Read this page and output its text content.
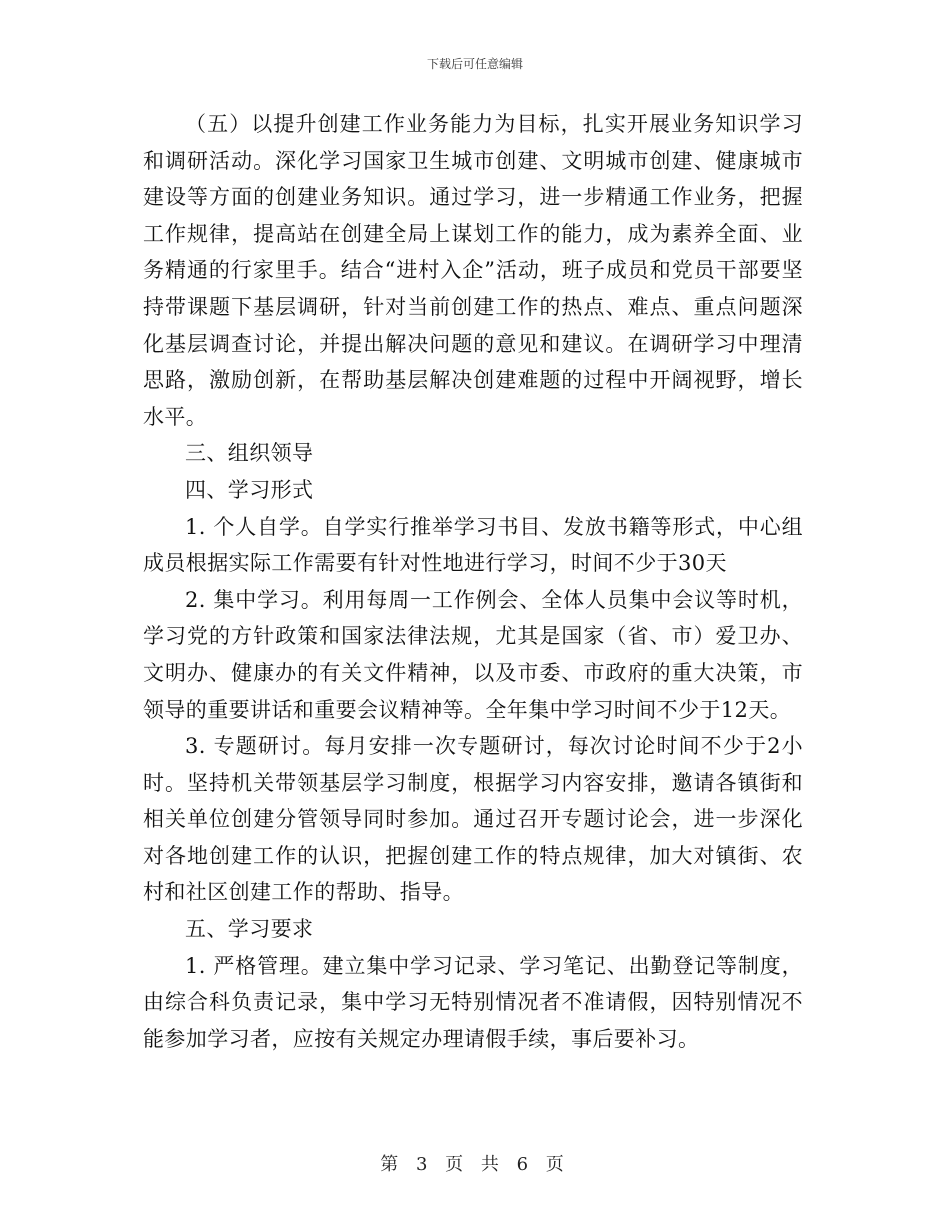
下载后可任意编辑

（五）以提升创建工作业务能力为目标，扎实开展业务知识学习和调研活动。深化学习国家卫生城市创建、文明城市创建、健康城市建设等方面的创建业务知识。通过学习，进一步精通工作业务，把握工作规律，提高站在创建全局上谋划工作的能力，成为素养全面、业务精通的行家里手。结合“进村入企”活动，班子成员和党员干部要坚持带课题下基层调研，针对当前创建工作的热点、难点、重点问题深化基层调查讨论，并提出解决问题的意见和建议。在调研学习中理清思路，激励创新，在帮助基层解决创建难题的过程中开阔视野，增长水平。

三、组织领导

四、学习形式

1. 个人自学。自学实行推举学习书目、发放书籍等形式，中心组成员根据实际工作需要有针对性地进行学习，时间不少于30天

2. 集中学习。利用每周一工作例会、全体人员集中会议等时机，学习党的方针政策和国家法律法规，尤其是国家（省、市）爱卫办、文明办、健康办的有关文件精神，以及市委、市政府的重大决策，市领导的重要讲话和重要会议精神等。全年集中学习时间不少于12天。

3. 专题研讨。每月安排一次专题研讨，每次讨论时间不少于2小时。坚持机关带领基层学习制度，根据学习内容安排，邀请各镇街和相关单位创建分管领导同时参加。通过召开专题讨论会，进一步深化对各地创建工作的认识，把握创建工作的特点规律，加大对镇街、农村和社区创建工作的帮助、指导。

五、学习要求

1. 严格管理。建立集中学习记录、学习笔记、出勤登记等制度，由综合科负责记录，集中学习无特别情况者不准请假，因特别情况不能参加学习者，应按有关规定办理请假手续，事后要补习。

第 3 页 共 6 页
